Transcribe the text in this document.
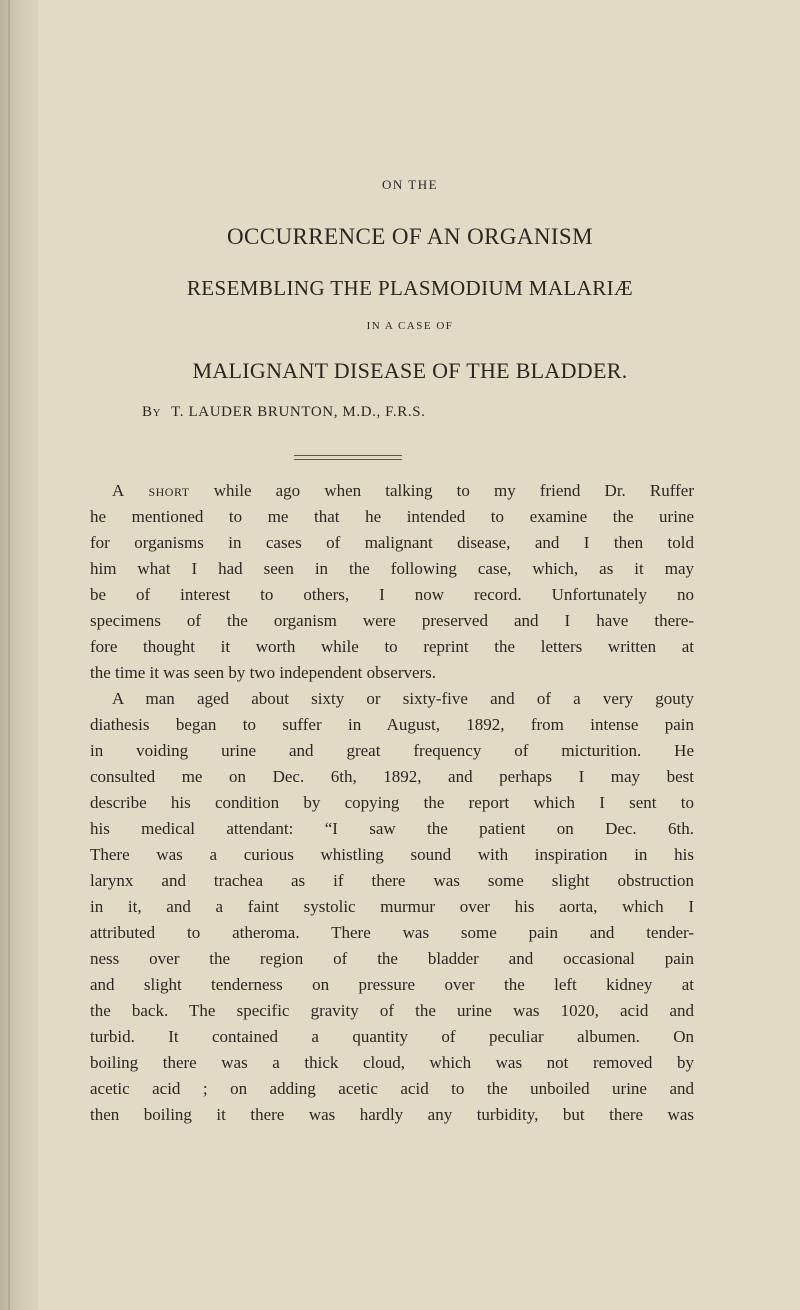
ON THE
OCCURRENCE OF AN ORGANISM
RESEMBLING THE PLASMODIUM MALARIÆ
IN A CASE OF
MALIGNANT DISEASE OF THE BLADDER.
By T. LAUDER BRUNTON, M.D., F.R.S.
A short while ago when talking to my friend Dr. Ruffer
he mentioned to me that he intended to examine the urine
for organisms in cases of malignant disease, and I then told
him what I had seen in the following case, which, as it may
be of interest to others, I now record. Unfortunately no
specimens of the organism were preserved and I have there-
fore thought it worth while to reprint the letters written at
the time it was seen by two independent observers.
A man aged about sixty or sixty-five and of a very gouty
diathesis began to suffer in August, 1892, from intense pain
in voiding urine and great frequency of micturition. He
consulted me on Dec. 6th, 1892, and perhaps I may best
describe his condition by copying the report which I sent to
his medical attendant: “I saw the patient on Dec. 6th.
There was a curious whistling sound with inspiration in his
larynx and trachea as if there was some slight obstruction
in it, and a faint systolic murmur over his aorta, which I
attributed to atheroma. There was some pain and tender-
ness over the region of the bladder and occasional pain
and slight tenderness on pressure over the left kidney at
the back. The specific gravity of the urine was 1020, acid and
turbid. It contained a quantity of peculiar albumen. On
boiling there was a thick cloud, which was not removed by
acetic acid ; on adding acetic acid to the unboiled urine and
then boiling it there was hardly any turbidity, but there was
